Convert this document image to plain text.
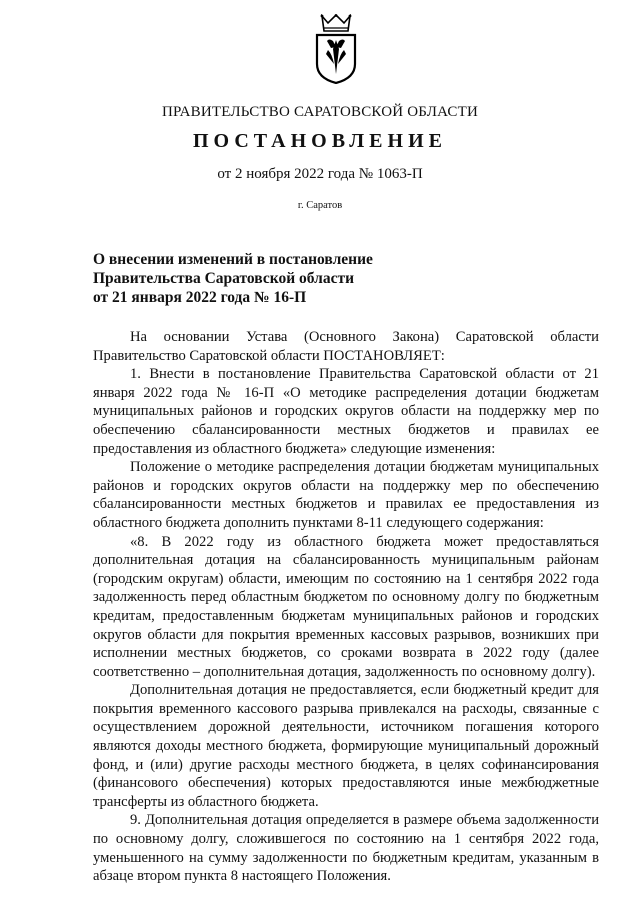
ПРАВИТЕЛЬСТВО САРАТОВСКОЙ ОБЛАСТИ
ПОСТАНОВЛЕНИЕ
от 2 ноября 2022 года № 1063-П
г. Саратов
О внесении изменений в постановление
Правительства Саратовской области
от 21 января 2022 года № 16-П

На основании Устава (Основного Закона) Саратовской области Правительство Саратовской области ПОСТАНОВЛЯЕТ:

1. Внести в постановление Правительства Саратовской области от 21 января 2022 года № 16-П «О методике распределения дотации бюджетам муниципальных районов и городских округов области на поддержку мер по обеспечению сбалансированности местных бюджетов и правилах ее предоставления из областного бюджета» следующие изменения:

Положение о методике распределения дотации бюджетам муниципальных районов и городских округов области на поддержку мер по обеспечению сбалансированности местных бюджетов и правилах ее предоставления из областного бюджета дополнить пунктами 8-11 следующего содержания:

«8. В 2022 году из областного бюджета может предоставляться дополнительная дотация на сбалансированность муниципальным районам (городским округам) области, имеющим по состоянию на 1 сентября 2022 года задолженность перед областным бюджетом по основному долгу по бюджетным кредитам, предоставленным бюджетам муниципальных районов и городских округов области для покрытия временных кассовых разрывов, возникших при исполнении местных бюджетов, со сроками возврата в 2022 году (далее соответственно – дополнительная дотация, задолженность по основному долгу).

Дополнительная дотация не предоставляется, если бюджетный кредит для покрытия временного кассового разрыва привлекался на расходы, связанные с осуществлением дорожной деятельности, источником погашения которого являются доходы местного бюджета, формирующие муниципальный дорожный фонд, и (или) другие расходы местного бюджета, в целях софинансирования (финансового обеспечения) которых предоставляются иные межбюджетные трансферты из областного бюджета.

9. Дополнительная дотация определяется в размере объема задолженности по основному долгу, сложившегося по состоянию на 1 сентября 2022 года, уменьшенного на сумму задолженности по бюджетным кредитам, указанным в абзаце втором пункта 8 настоящего Положения.
